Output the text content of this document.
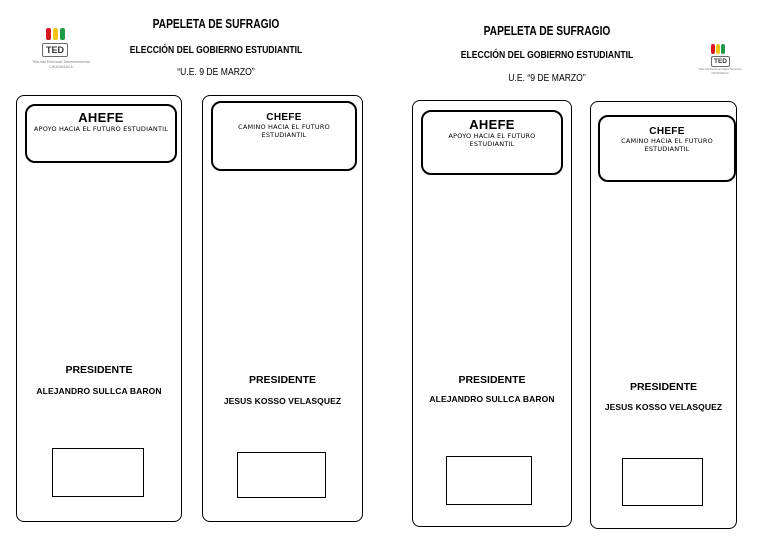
TED
Tribunal Electoral Departamental
CHUQUISACA
PAPELETA DE SUFRAGIO
ELECCIÓN DEL GOBIERNO ESTUDIANTIL
“U.E. 9 DE MARZO”
AHEFE
APOYO HACIA EL FUTURO ESTUDIANTIL
PRESIDENTE
ALEJANDRO SULLCA BARON
CHEFE
CAMINO HACIA EL FUTURO ESTUDIANTIL
PRESIDENTE
JESUS KOSSO VELASQUEZ
PAPELETA DE SUFRAGIO
ELECCIÓN DEL GOBIERNO ESTUDIANTIL
U.E. “9 DE MARZO”
TED
Tribunal Electoral Departamental
CHUQUISACA
AHEFE
APOYO HACIA EL FUTURO ESTUDIANTIL
PRESIDENTE
ALEJANDRO SULLCA BARON
CHEFE
CAMINO HACIA EL FUTURO ESTUDIANTIL
PRESIDENTE
JESUS KOSSO VELASQUEZ
